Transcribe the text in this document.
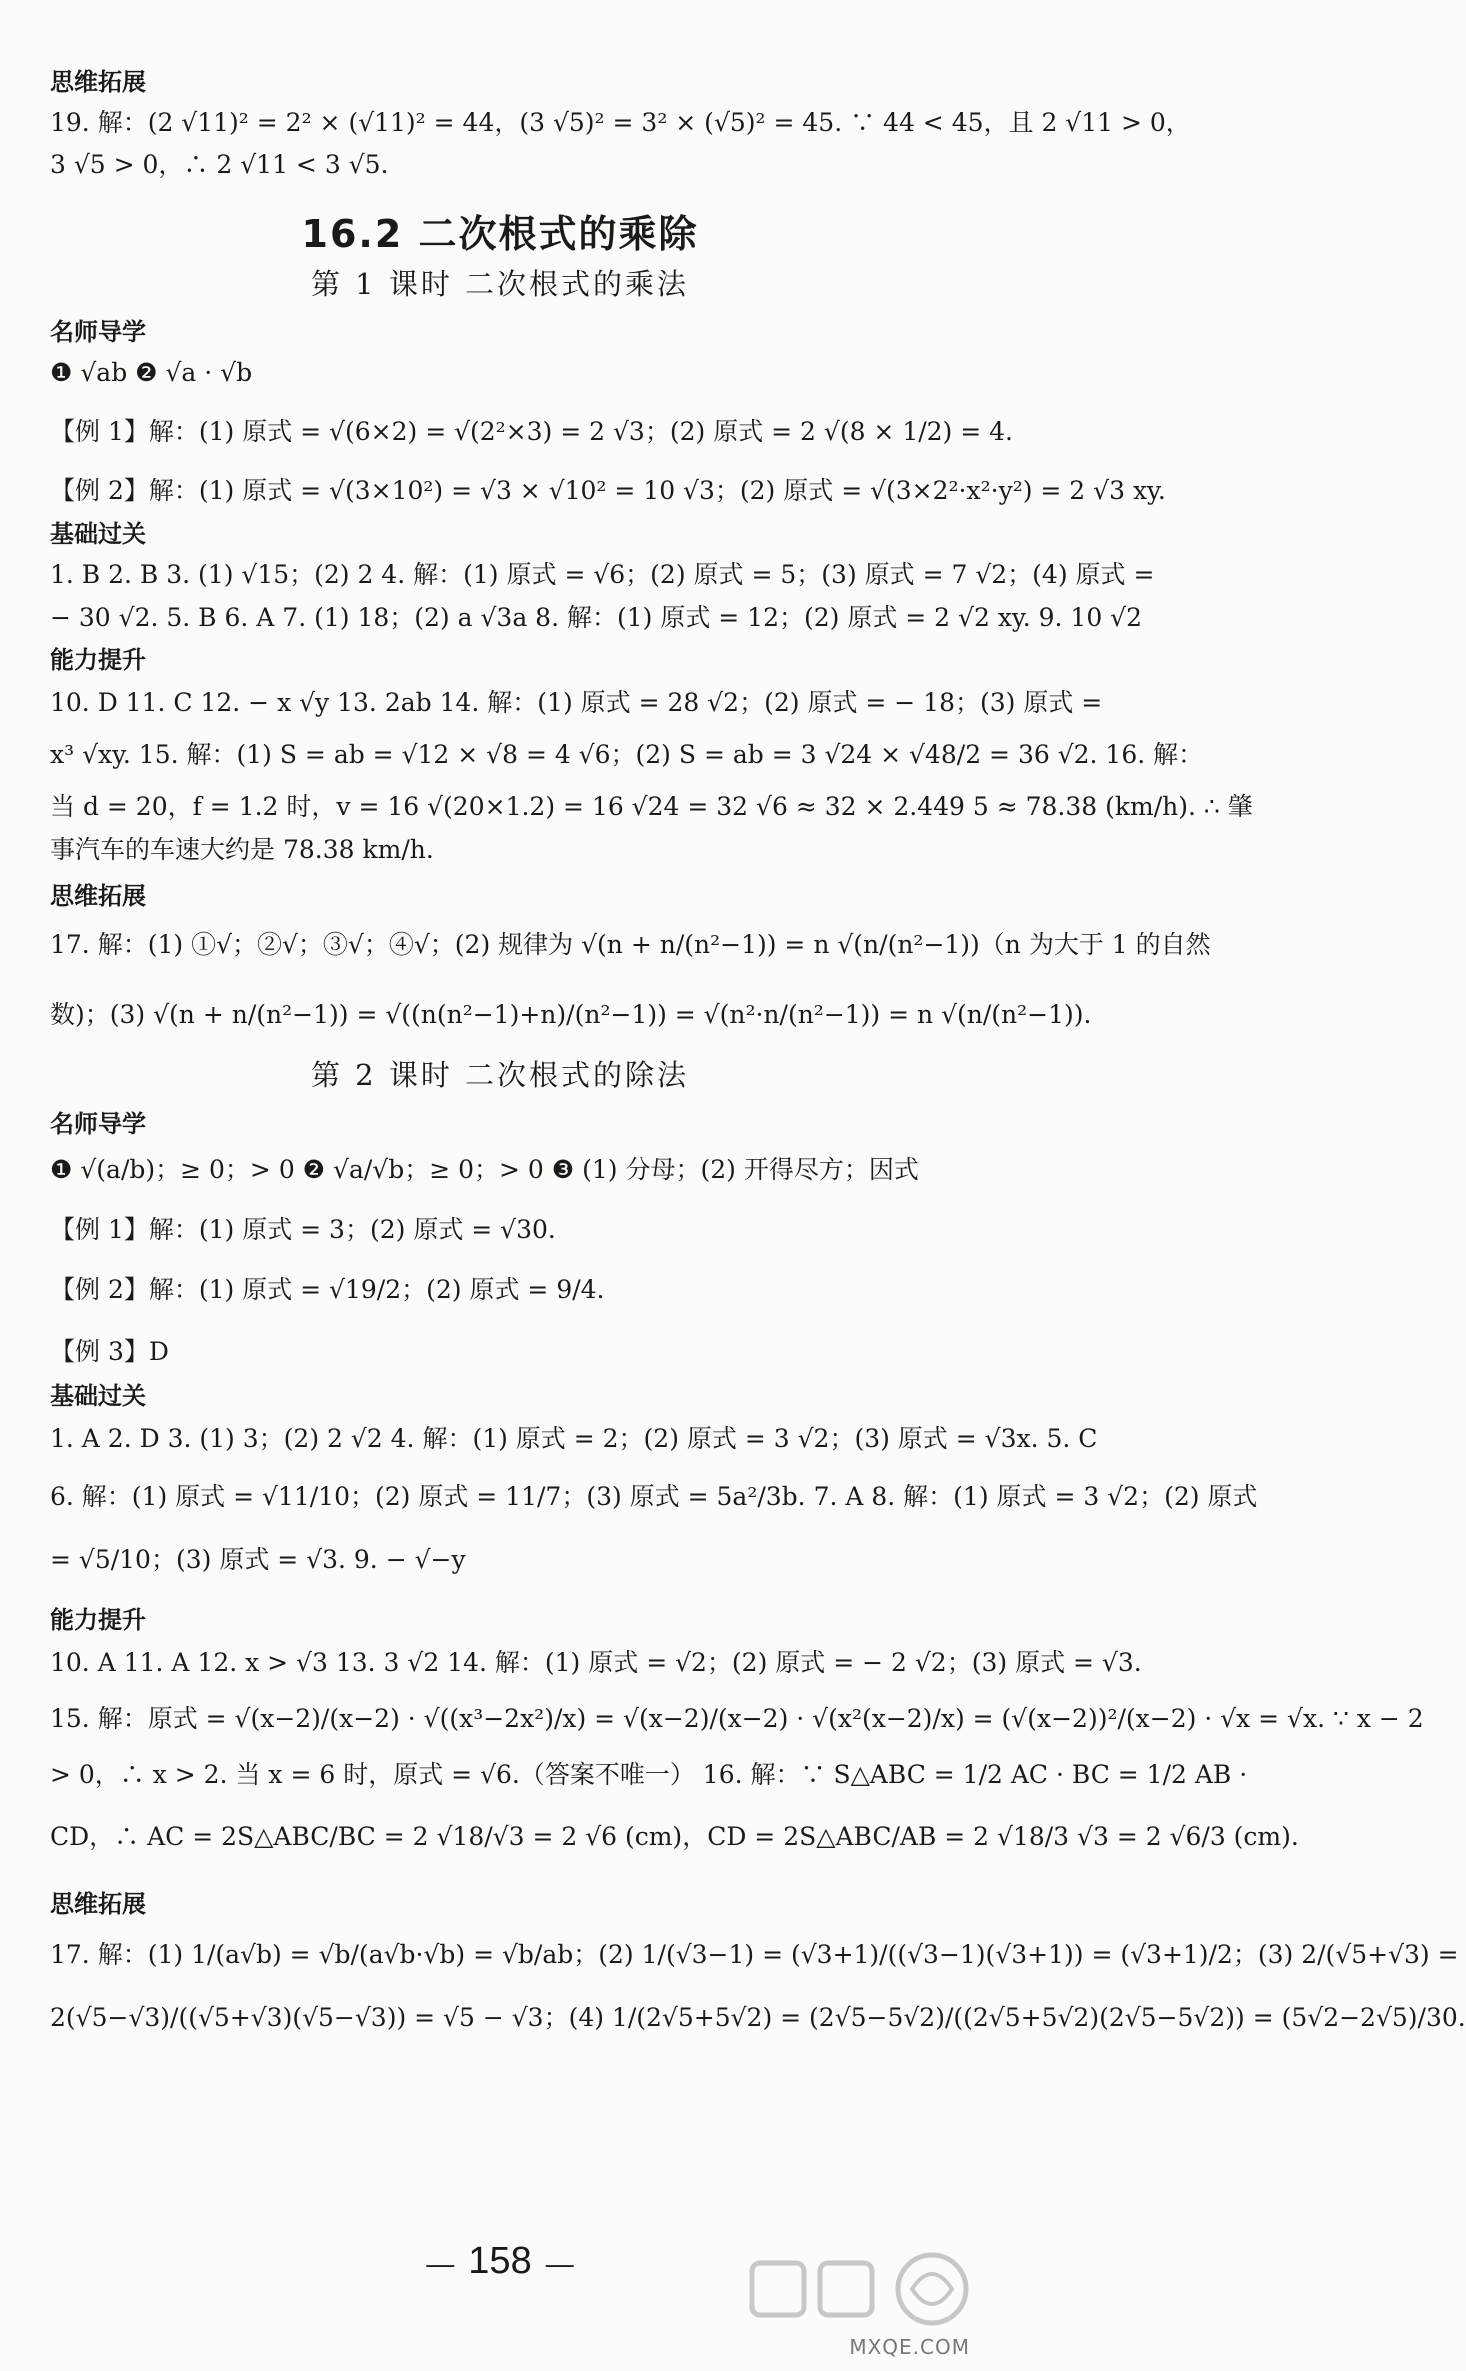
思维拓展
19. 解：(2 √11)² = 2² × (√11)² = 44，(3 √5)² = 3² × (√5)² = 45. ∵ 44 < 45，且 2 √11 > 0，
3 √5 > 0，∴ 2 √11 < 3 √5.
16.2 二次根式的乘除
第 1 课时 二次根式的乘法
名师导学
❶ √ab ❷ √a · √b
【例 1】解：(1) 原式 = √(6×2) = √(2²×3) = 2 √3；(2) 原式 = 2 √(8 × 1/2) = 4.
【例 2】解：(1) 原式 = √(3×10²) = √3 × √10² = 10 √3；(2) 原式 = √(3×2²·x²·y²) = 2 √3 xy.
基础过关
1. B 2. B 3. (1) √15；(2) 2 4. 解：(1) 原式 = √6；(2) 原式 = 5；(3) 原式 = 7 √2；(4) 原式 =
− 30 √2. 5. B 6. A 7. (1) 18；(2) a √3a 8. 解：(1) 原式 = 12；(2) 原式 = 2 √2 xy. 9. 10 √2
能力提升
10. D 11. C 12. − x √y 13. 2ab 14. 解：(1) 原式 = 28 √2；(2) 原式 = − 18；(3) 原式 =
x³ √xy. 15. 解：(1) S = ab = √12 × √8 = 4 √6；(2) S = ab = 3 √24 × √48/2 = 36 √2. 16. 解：
当 d = 20，f = 1.2 时，v = 16 √(20×1.2) = 16 √24 = 32 √6 ≈ 32 × 2.449 5 ≈ 78.38 (km/h). ∴ 肇
事汽车的车速大约是 78.38 km/h.
思维拓展
17. 解：(1) ①√；②√；③√；④√；(2) 规律为 √(n + n/(n²−1)) = n √(n/(n²−1))（n 为大于 1 的自然
数)；(3) √(n + n/(n²−1)) = √((n(n²−1)+n)/(n²−1)) = √(n²·n/(n²−1)) = n √(n/(n²−1)).
第 2 课时 二次根式的除法
名师导学
❶ √(a/b)；≥ 0；> 0 ❷ √a/√b；≥ 0；> 0 ❸ (1) 分母；(2) 开得尽方；因式
【例 1】解：(1) 原式 = 3；(2) 原式 = √30.
【例 2】解：(1) 原式 = √19/2；(2) 原式 = 9/4.
【例 3】D
基础过关
1. A 2. D 3. (1) 3；(2) 2 √2 4. 解：(1) 原式 = 2；(2) 原式 = 3 √2；(3) 原式 = √3x. 5. C
6. 解：(1) 原式 = √11/10；(2) 原式 = 11/7；(3) 原式 = 5a²/3b. 7. A 8. 解：(1) 原式 = 3 √2；(2) 原式
= √5/10；(3) 原式 = √3. 9. − √−y
能力提升
10. A 11. A 12. x > √3 13. 3 √2 14. 解：(1) 原式 = √2；(2) 原式 = − 2 √2；(3) 原式 = √3.
15. 解：原式 = √(x−2)/(x−2) · √((x³−2x²)/x) = √(x−2)/(x−2) · √(x²(x−2)/x) = (√(x−2))²/(x−2) · √x = √x. ∵ x − 2
> 0，∴ x > 2. 当 x = 6 时，原式 = √6.（答案不唯一） 16. 解：∵ S△ABC = 1/2 AC · BC = 1/2 AB ·
CD，∴ AC = 2S△ABC/BC = 2 √18/√3 = 2 √6 (cm)，CD = 2S△ABC/AB = 2 √18/3 √3 = 2 √6/3 (cm).
思维拓展
17. 解：(1) 1/(a√b) = √b/(a√b·√b) = √b/ab；(2) 1/(√3−1) = (√3+1)/((√3−1)(√3+1)) = (√3+1)/2；(3) 2/(√5+√3) =
2(√5−√3)/((√5+√3)(√5−√3)) = √5 − √3；(4) 1/(2√5+5√2) = (2√5−5√2)/((2√5+5√2)(2√5−5√2)) = (5√2−2√5)/30.
— 158 —
MXQE.COM
